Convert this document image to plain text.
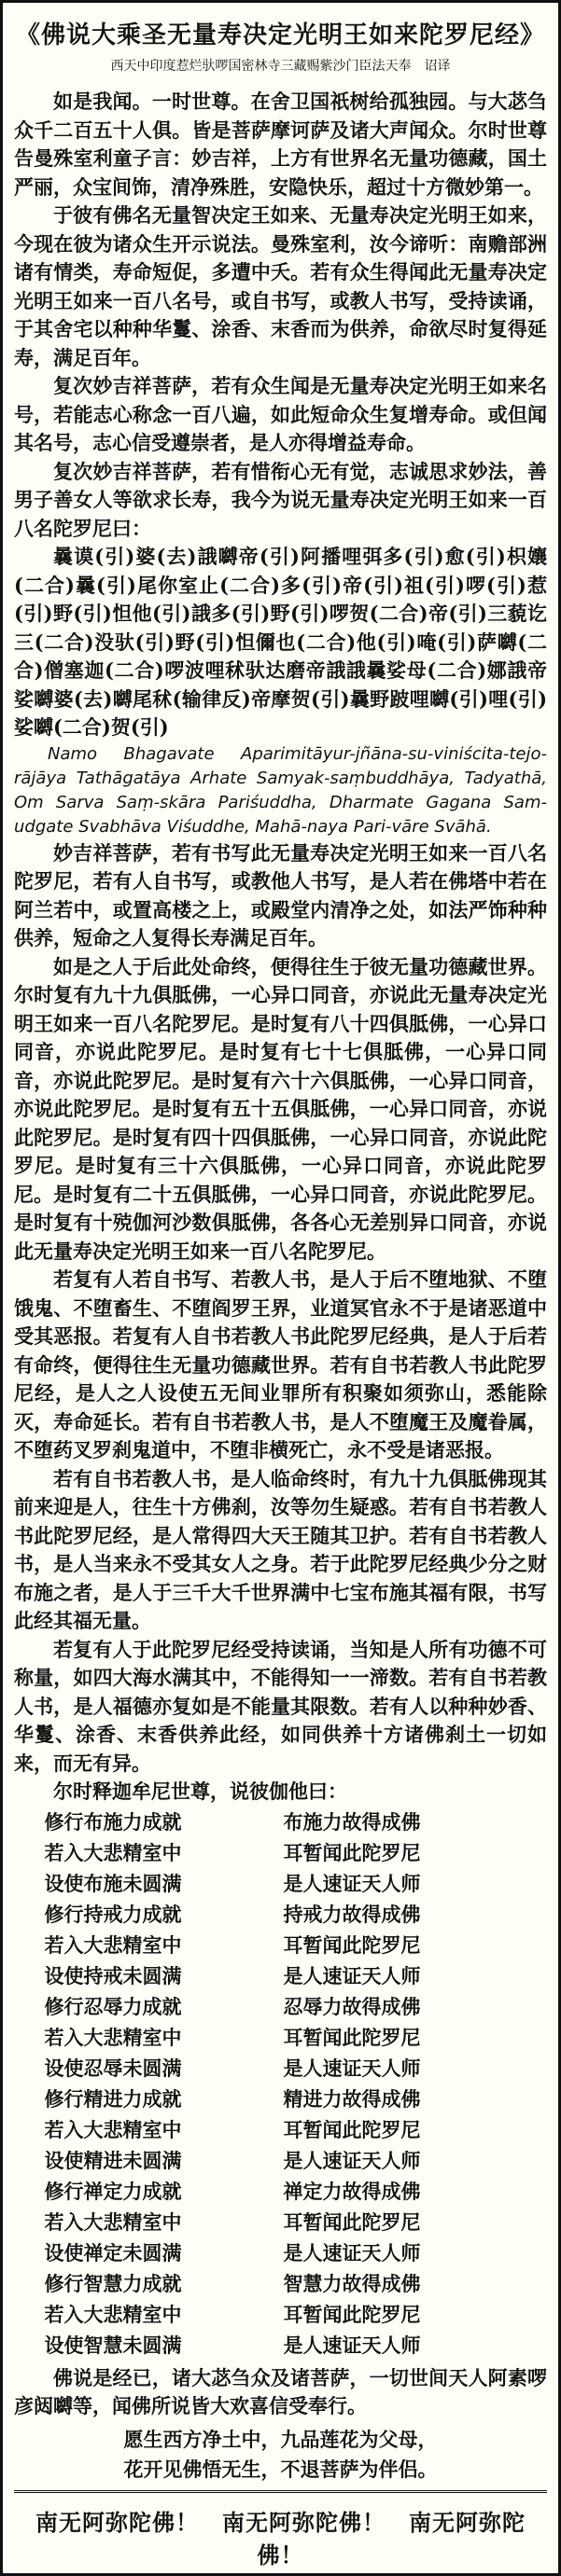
《佛说大乘圣无量寿决定光明王如来陀罗尼经》
西天中印度惹烂驮啰国密林寺三藏赐紫沙门臣法天奉　诏译

如是我闻。一时世尊。在舍卫国祇树给孤独园。与大苾刍众千二百五十人俱。皆是菩萨摩诃萨及诸大声闻众。尔时世尊告曼殊室利童子言：妙吉祥，上方有世界名无量功德藏，国土严丽，众宝间饰，清净殊胜，安隐快乐，超过十方微妙第一。

于彼有佛名无量智决定王如来、无量寿决定光明王如来，今现在彼为诸众生开示说法。曼殊室利，汝今谛听：南赡部洲诸有情类，寿命短促，多遭中夭。若有众生得闻此无量寿决定光明王如来一百八名号，或自书写，或教人书写，受持读诵，于其舍宅以种种华鬘、涂香、末香而为供养，命欲尽时复得延寿，满足百年。

复次妙吉祥菩萨，若有众生闻是无量寿决定光明王如来名号，若能志心称念一百八遍，如此短命众生复增寿命。或但闻其名号，志心信受遵崇者，是人亦得增益寿命。

复次妙吉祥菩萨，若有惜衔心无有觉，志诚思求妙法，善男子善女人等欲求长寿，我今为说无量寿决定光明王如来一百八名陀罗尼曰：

曩谟(引)婆(去)誐嚩帝(引)阿播哩弭多(引)愈(引)枳孃(二合)曩(引)尾你室止(二合)多(引)帝(引)祖(引)啰(引)惹(引)野(引)怛他(引)誐多(引)野(引)啰贺(二合)帝(引)三藐讫三(二合)没驮(引)野(引)怛儞也(二合)他(引)唵(引)萨嚩(二合)僧塞迦(二合)啰波哩秫驮达磨帝誐誐曩娑母(二合)娜誐帝娑嚩婆(去)嚩尾秫(输律反)帝摩贺(引)曩野跛哩嚩(引)哩(引)娑嚩(二合)贺(引)

Namo Bhagavate Aparimitāyur-jñāna-su-viniścita-tejo-rājāya Tathāgatāya Arhate Samyak-saṃbuddhāya, Tadyathā, Om Sarva Saṃ-skāra Pariśuddha, Dharmate Gagana Sam-udgate Svabhāva Viśuddhe, Mahā-naya Pari-vāre Svāhā.

妙吉祥菩萨，若有书写此无量寿决定光明王如来一百八名陀罗尼，若有人自书写，或教他人书写，是人若在佛塔中若在阿兰若中，或置高楼之上，或殿堂内清净之处，如法严饰种种供养，短命之人复得长寿满足百年。

如是之人于后此处命终，便得往生于彼无量功德藏世界。尔时复有九十九俱胝佛，一心异口同音，亦说此无量寿决定光明王如来一百八名陀罗尼。是时复有八十四俱胝佛，一心异口同音，亦说此陀罗尼。是时复有七十七俱胝佛，一心异口同音，亦说此陀罗尼。是时复有六十六俱胝佛，一心异口同音，亦说此陀罗尼。是时复有五十五俱胝佛，一心异口同音，亦说此陀罗尼。是时复有四十四俱胝佛，一心异口同音，亦说此陀罗尼。是时复有三十六俱胝佛，一心异口同音，亦说此陀罗尼。是时复有二十五俱胝佛，一心异口同音，亦说此陀罗尼。是时复有十殑伽河沙数俱胝佛，各各心无差别异口同音，亦说此无量寿决定光明王如来一百八名陀罗尼。

若复有人若自书写、若教人书，是人于后不堕地狱、不堕饿鬼、不堕畜生、不堕阎罗王界，业道冥官永不于是诸恶道中受其恶报。若复有人自书若教人书此陀罗尼经典，是人于后若有命终，便得往生无量功德藏世界。若有自书若教人书此陀罗尼经，是人之人设使五无间业罪所有积聚如须弥山，悉能除灭，寿命延长。若有自书若教人书，是人不堕魔王及魔眷属，不堕药叉罗刹鬼道中，不堕非横死亡，永不受是诸恶报。

若有自书若教人书，是人临命终时，有九十九俱胝佛现其前来迎是人，往生十方佛刹，汝等勿生疑惑。若有自书若教人书此陀罗尼经，是人常得四大天王随其卫护。若有自书若教人书，是人当来永不受其女人之身。若于此陀罗尼经典少分之财布施之者，是人于三千大千世界满中七宝布施其福有限，书写此经其福无量。

若复有人于此陀罗尼经受持读诵，当知是人所有功德不可称量，如四大海水满其中，不能得知一一渧数。若有自书若教人书，是人福德亦复如是不能量其限数。若有人以种种妙香、华鬘、涂香、末香供养此经，如同供养十方诸佛刹土一切如来，而无有异。

尔时释迦牟尼世尊，说彼伽他曰：

修行布施力成就	布施力故得成佛
若入大悲精室中	耳暂闻此陀罗尼
设使布施未圆满	是人速证天人师
修行持戒力成就	持戒力故得成佛
若入大悲精室中	耳暂闻此陀罗尼
设使持戒未圆满	是人速证天人师
修行忍辱力成就	忍辱力故得成佛
若入大悲精室中	耳暂闻此陀罗尼
设使忍辱未圆满	是人速证天人师
修行精进力成就	精进力故得成佛
若入大悲精室中	耳暂闻此陀罗尼
设使精进未圆满	是人速证天人师
修行禅定力成就	禅定力故得成佛
若入大悲精室中	耳暂闻此陀罗尼
设使禅定未圆满	是人速证天人师
修行智慧力成就	智慧力故得成佛
若入大悲精室中	耳暂闻此陀罗尼
设使智慧未圆满	是人速证天人师

佛说是经已，诸大苾刍众及诸菩萨，一切世间天人阿素啰彦闼嚩等，闻佛所说皆大欢喜信受奉行。

愿生西方净土中，九品莲花为父母，
花开见佛悟无生，不退菩萨为伴侣。
南无阿弥陀佛！　南无阿弥陀佛！　南无阿弥陀佛！
